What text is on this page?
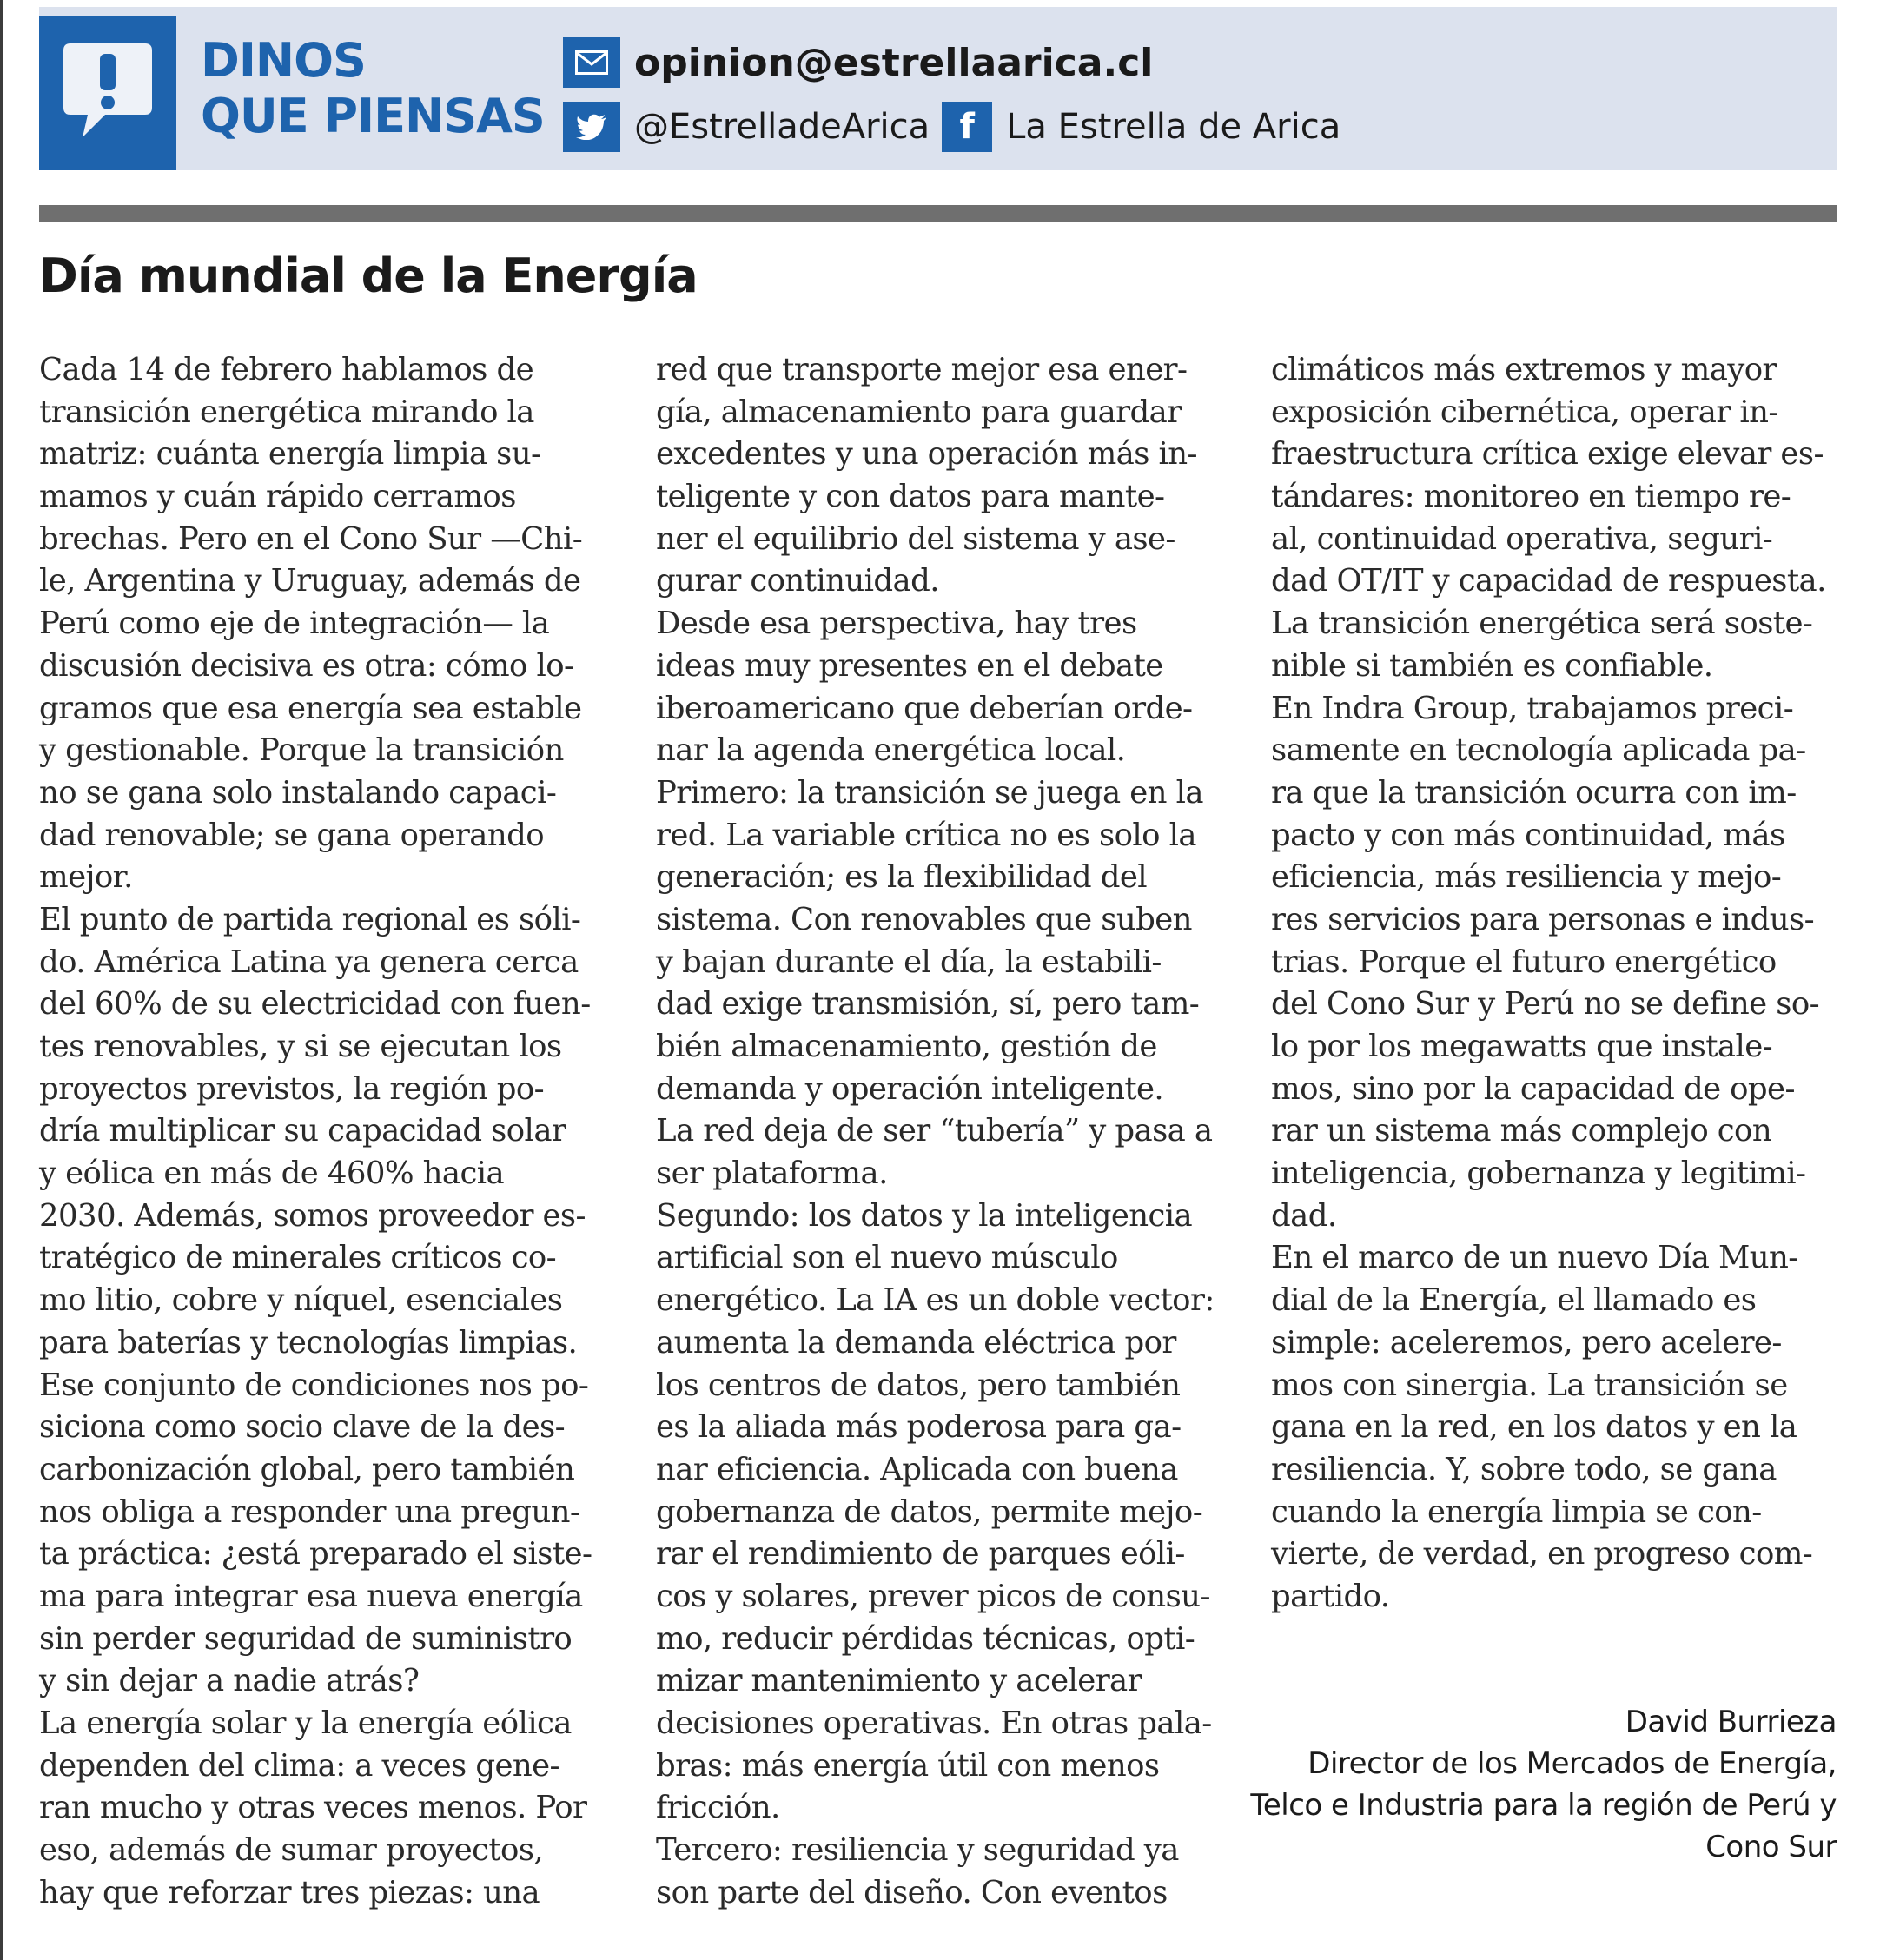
DINOS
QUE PIENSAS
opinion@estrellaarica.cl
@EstrelladeArica f La Estrella de Arica
Día mundial de la Energía
Cada 14 de febrero hablamos de
transición energética mirando la
matriz: cuánta energía limpia su-
mamos y cuán rápido cerramos
brechas. Pero en el Cono Sur —Chi-
le, Argentina y Uruguay, además de
Perú como eje de integración— la
discusión decisiva es otra: cómo lo-
gramos que esa energía sea estable
y gestionable. Porque la transición
no se gana solo instalando capaci-
dad renovable; se gana operando
mejor.
El punto de partida regional es sóli-
do. América Latina ya genera cerca
del 60% de su electricidad con fuen-
tes renovables, y si se ejecutan los
proyectos previstos, la región po-
dría multiplicar su capacidad solar
y eólica en más de 460% hacia
2030. Además, somos proveedor es-
tratégico de minerales críticos co-
mo litio, cobre y níquel, esenciales
para baterías y tecnologías limpias.
Ese conjunto de condiciones nos po-
siciona como socio clave de la des-
carbonización global, pero también
nos obliga a responder una pregun-
ta práctica: ¿está preparado el siste-
ma para integrar esa nueva energía
sin perder seguridad de suministro
y sin dejar a nadie atrás?
La energía solar y la energía eólica
dependen del clima: a veces gene-
ran mucho y otras veces menos. Por
eso, además de sumar proyectos,
hay que reforzar tres piezas: una
red que transporte mejor esa ener-
gía, almacenamiento para guardar
excedentes y una operación más in-
teligente y con datos para mante-
ner el equilibrio del sistema y ase-
gurar continuidad.
Desde esa perspectiva, hay tres
ideas muy presentes en el debate
iberoamericano que deberían orde-
nar la agenda energética local.
Primero: la transición se juega en la
red. La variable crítica no es solo la
generación; es la flexibilidad del
sistema. Con renovables que suben
y bajan durante el día, la estabili-
dad exige transmisión, sí, pero tam-
bién almacenamiento, gestión de
demanda y operación inteligente.
La red deja de ser “tubería” y pasa a
ser plataforma.
Segundo: los datos y la inteligencia
artificial son el nuevo músculo
energético. La IA es un doble vector:
aumenta la demanda eléctrica por
los centros de datos, pero también
es la aliada más poderosa para ga-
nar eficiencia. Aplicada con buena
gobernanza de datos, permite mejo-
rar el rendimiento de parques eóli-
cos y solares, prever picos de consu-
mo, reducir pérdidas técnicas, opti-
mizar mantenimiento y acelerar
decisiones operativas. En otras pala-
bras: más energía útil con menos
fricción.
Tercero: resiliencia y seguridad ya
son parte del diseño. Con eventos
climáticos más extremos y mayor
exposición cibernética, operar in-
fraestructura crítica exige elevar es-
tándares: monitoreo en tiempo re-
al, continuidad operativa, seguri-
dad OT/IT y capacidad de respuesta.
La transición energética será soste-
nible si también es confiable.
En Indra Group, trabajamos preci-
samente en tecnología aplicada pa-
ra que la transición ocurra con im-
pacto y con más continuidad, más
eficiencia, más resiliencia y mejo-
res servicios para personas e indus-
trias. Porque el futuro energético
del Cono Sur y Perú no se define so-
lo por los megawatts que instale-
mos, sino por la capacidad de ope-
rar un sistema más complejo con
inteligencia, gobernanza y legitimi-
dad.
En el marco de un nuevo Día Mun-
dial de la Energía, el llamado es
simple: aceleremos, pero acelere-
mos con sinergia. La transición se
gana en la red, en los datos y en la
resiliencia. Y, sobre todo, se gana
cuando la energía limpia se con-
vierte, de verdad, en progreso com-
partido.
David Burrieza
Director de los Mercados de Energía,
Telco e Industria para la región de Perú y
Cono Sur
